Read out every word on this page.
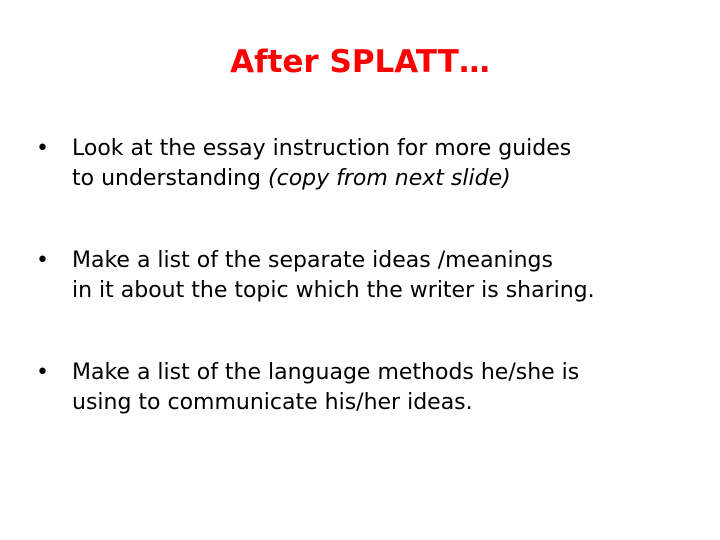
After SPLATT…
• Look at the essay instruction for more guides
to understanding (copy from next slide)
• Make a list of the separate ideas /meanings
in it about the topic which the writer is sharing.
• Make a list of the language methods he/she is
using to communicate his/her ideas.
